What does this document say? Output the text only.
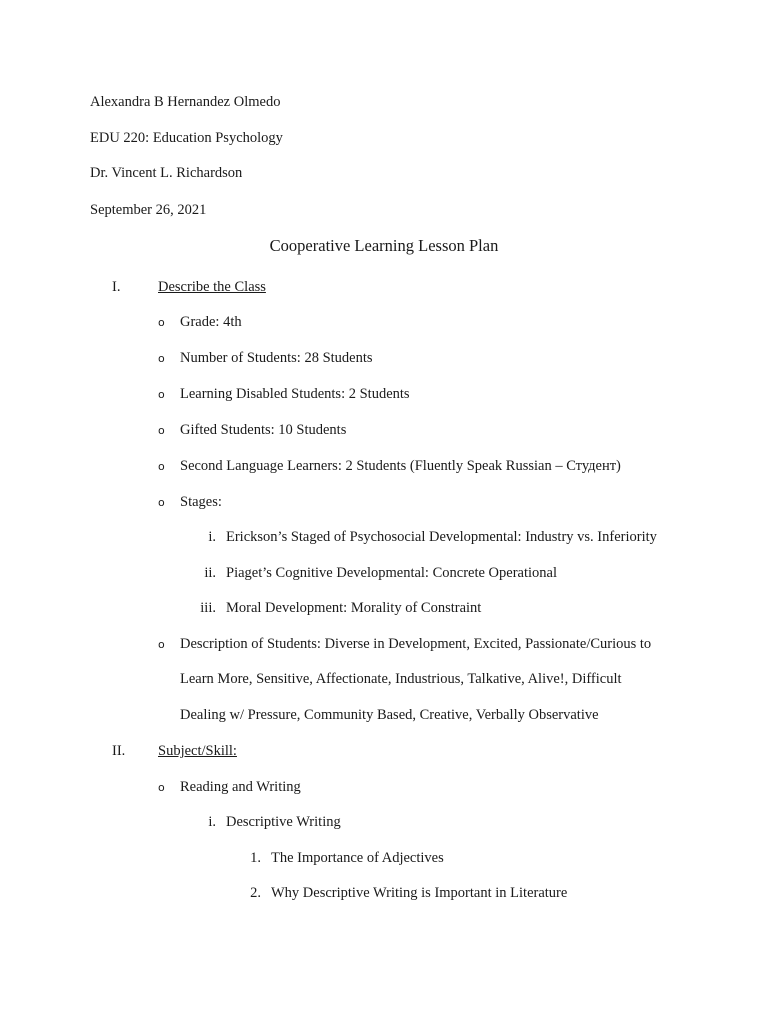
Alexandra B Hernandez Olmedo
EDU 220: Education Psychology
Dr. Vincent L. Richardson
September 26, 2021
Cooperative Learning Lesson Plan
I.	Describe the Class
o Grade: 4th
o Number of Students: 28 Students
o Learning Disabled Students: 2 Students
o Gifted Students: 10 Students
o Second Language Learners: 2 Students (Fluently Speak Russian – Студент)
o Stages:
i. Erickson’s Staged of Psychosocial Developmental: Industry vs. Inferiority
ii. Piaget’s Cognitive Developmental: Concrete Operational
iii. Moral Development: Morality of Constraint
o Description of Students: Diverse in Development, Excited, Passionate/Curious to
Learn More, Sensitive, Affectionate, Industrious, Talkative, Alive!, Difficult
Dealing w/ Pressure, Community Based, Creative, Verbally Observative
II. Subject/Skill:
o Reading and Writing
i. Descriptive Writing
1. The Importance of Adjectives
2. Why Descriptive Writing is Important in Literature
